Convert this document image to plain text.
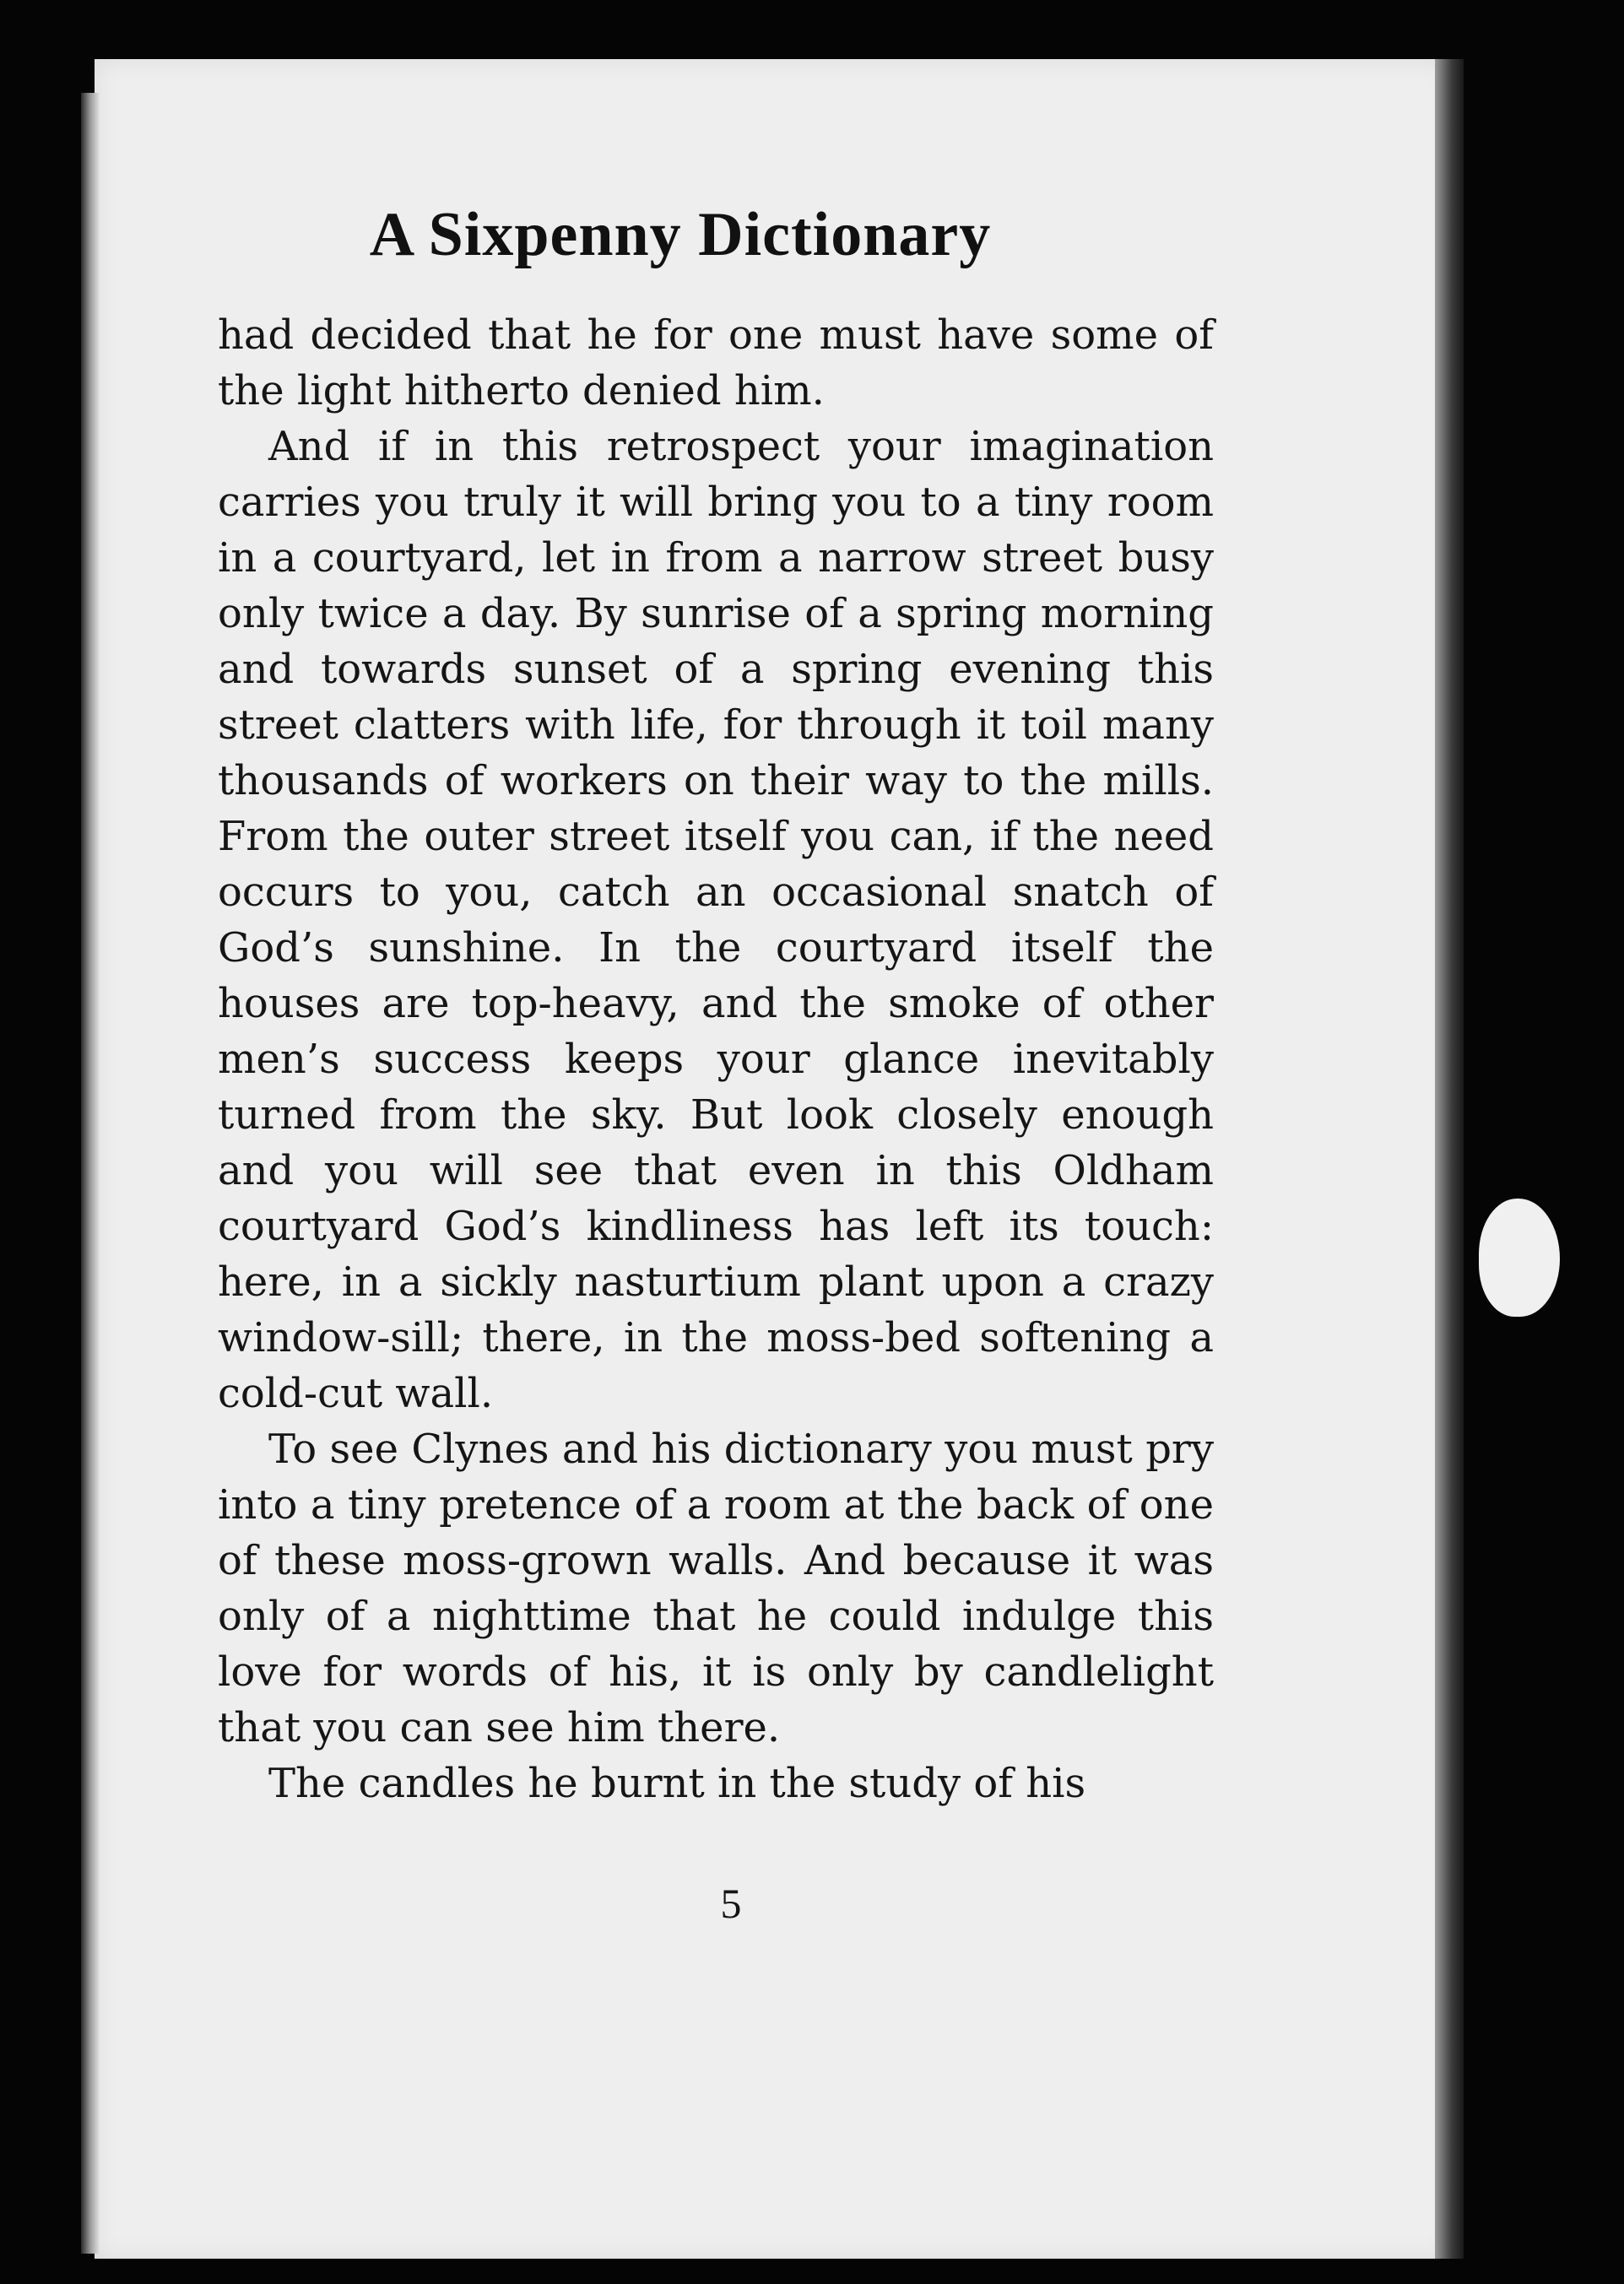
A Sixpenny Dictionary

had decided that he for one must have some of the light hitherto denied him.

And if in this retrospect your imagination carries you truly it will bring you to a tiny room in a courtyard, let in from a narrow street busy only twice a day. By sunrise of a spring morning and towards sunset of a spring evening this street clatters with life, for through it toil many thousands of workers on their way to the mills. From the outer street itself you can, if the need occurs to you, catch an occasional snatch of God’s sunshine. In the courtyard itself the houses are top-heavy, and the smoke of other men’s success keeps your glance inevitably turned from the sky. But look closely enough and you will see that even in this Oldham courtyard God’s kindliness has left its touch: here, in a sickly nasturtium plant upon a crazy window-sill; there, in the moss-bed softening a cold-cut wall.

To see Clynes and his dictionary you must pry into a tiny pretence of a room at the back of one of these moss-grown walls. And because it was only of a nighttime that he could indulge this love for words of his, it is only by candlelight that you can see him there.

The candles he burnt in the study of his

5
